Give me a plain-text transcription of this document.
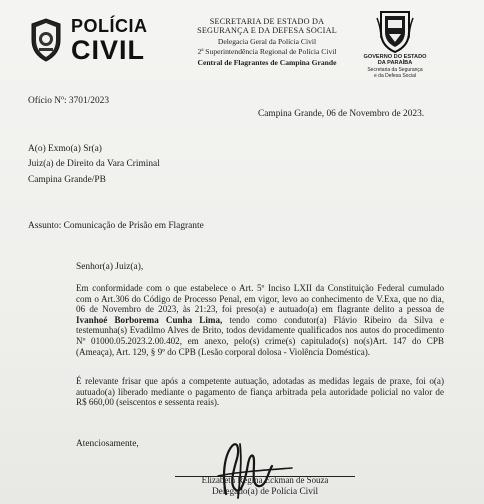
POLÍCIA
CIVIL
SECRETARIA DE ESTADO DA
SEGURANÇA E DA DEFESA SOCIAL
Delegacia Geral da Polícia Civil
2ª Superintendência Regional de Polícia Civil
Central de Flagrantes de Campina Grande
GOVERNO DO ESTADO
DA PARAÍBA
Secretaria da Segurança
e da Defesa Social
Ofício Nº: 3701/2023
Campina Grande, 06 de Novembro de 2023.
A(o) Exmo(a) Sr(a)
Juiz(a) de Direito da Vara Criminal
Campina Grande/PB
Assunto: Comunicação de Prisão em Flagrante
Senhor(a) Juiz(a),
Em conformidade com o que estabelece o Art. 5º Inciso LXII da Constituição Federal cumulado
com o Art.306 do Código de Processo Penal, em vigor, levo ao conhecimento de V.Exa, que no dia,
06 de Novembro de 2023, às 21:23, foi preso(a) e autuado(a) em flagrante delito a pessoa de
Ivanhoé Borborema Cunha Lima, tendo como condutor(a) Flávio Ribeiro da Silva e
testemunha(s) Evadilmo Alves de Brito, todos devidamente qualificados nos autos do procedimento
Nº 01000.05.2023.2.00.402, em anexo, pelo(s) crime(s) capitulado(s) no(s)Art. 147 do CPB
(Ameaça), Art. 129, § 9º do CPB (Lesão corporal dolosa - Violência Doméstica).
É relevante frisar que após a competente autuação, adotadas as medidas legais de praxe, foi o(a)
autuado(a) liberado mediante o pagamento de fiança arbitrada pela autoridade policial no valor de
R$ 660,00 (seiscentos e sessenta reais).
Atenciosamente,
Elizabeth Regina Eckman de Souza
Delegado(a) de Polícia Civil
